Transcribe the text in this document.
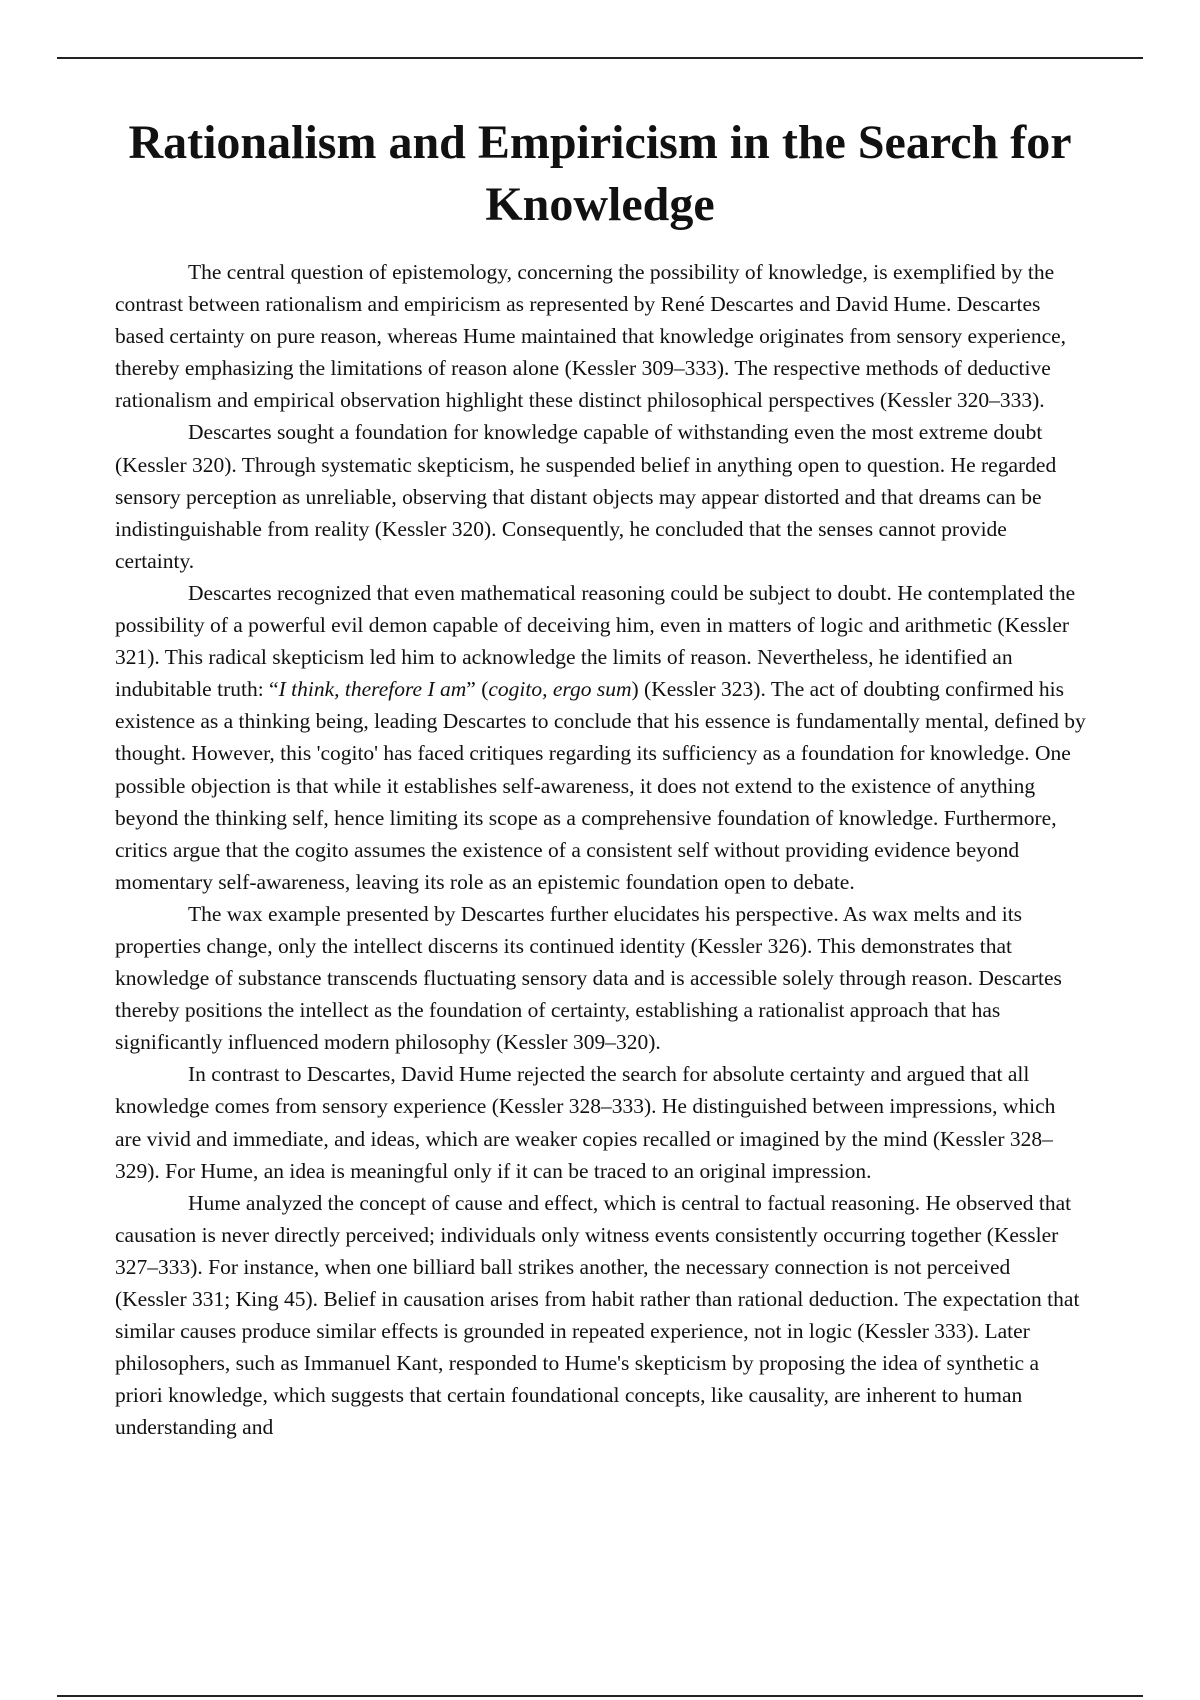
Rationalism and Empiricism in the Search for Knowledge

The central question of epistemology, concerning the possibility of knowledge, is exemplified by the contrast between rationalism and empiricism as represented by René Descartes and David Hume. Descartes based certainty on pure reason, whereas Hume maintained that knowledge originates from sensory experience, thereby emphasizing the limitations of reason alone (Kessler 309–333). The respective methods of deductive rationalism and empirical observation highlight these distinct philosophical perspectives (Kessler 320–333).

Descartes sought a foundation for knowledge capable of withstanding even the most extreme doubt (Kessler 320). Through systematic skepticism, he suspended belief in anything open to question. He regarded sensory perception as unreliable, observing that distant objects may appear distorted and that dreams can be indistinguishable from reality (Kessler 320). Consequently, he concluded that the senses cannot provide certainty.

Descartes recognized that even mathematical reasoning could be subject to doubt. He contemplated the possibility of a powerful evil demon capable of deceiving him, even in matters of logic and arithmetic (Kessler 321). This radical skepticism led him to acknowledge the limits of reason. Nevertheless, he identified an indubitable truth: “I think, therefore I am” (cogito, ergo sum) (Kessler 323). The act of doubting confirmed his existence as a thinking being, leading Descartes to conclude that his essence is fundamentally mental, defined by thought. However, this 'cogito' has faced critiques regarding its sufficiency as a foundation for knowledge. One possible objection is that while it establishes self-awareness, it does not extend to the existence of anything beyond the thinking self, hence limiting its scope as a comprehensive foundation of knowledge. Furthermore, critics argue that the cogito assumes the existence of a consistent self without providing evidence beyond momentary self-awareness, leaving its role as an epistemic foundation open to debate.

The wax example presented by Descartes further elucidates his perspective. As wax melts and its properties change, only the intellect discerns its continued identity (Kessler 326). This demonstrates that knowledge of substance transcends fluctuating sensory data and is accessible solely through reason. Descartes thereby positions the intellect as the foundation of certainty, establishing a rationalist approach that has significantly influenced modern philosophy (Kessler 309–320).

In contrast to Descartes, David Hume rejected the search for absolute certainty and argued that all knowledge comes from sensory experience (Kessler 328–333). He distinguished between impressions, which are vivid and immediate, and ideas, which are weaker copies recalled or imagined by the mind (Kessler 328–329). For Hume, an idea is meaningful only if it can be traced to an original impression.

Hume analyzed the concept of cause and effect, which is central to factual reasoning. He observed that causation is never directly perceived; individuals only witness events consistently occurring together (Kessler 327–333). For instance, when one billiard ball strikes another, the necessary connection is not perceived (Kessler 331; King 45). Belief in causation arises from habit rather than rational deduction. The expectation that similar causes produce similar effects is grounded in repeated experience, not in logic (Kessler 333). Later philosophers, such as Immanuel Kant, responded to Hume's skepticism by proposing the idea of synthetic a priori knowledge, which suggests that certain foundational concepts, like causality, are inherent to human understanding and
